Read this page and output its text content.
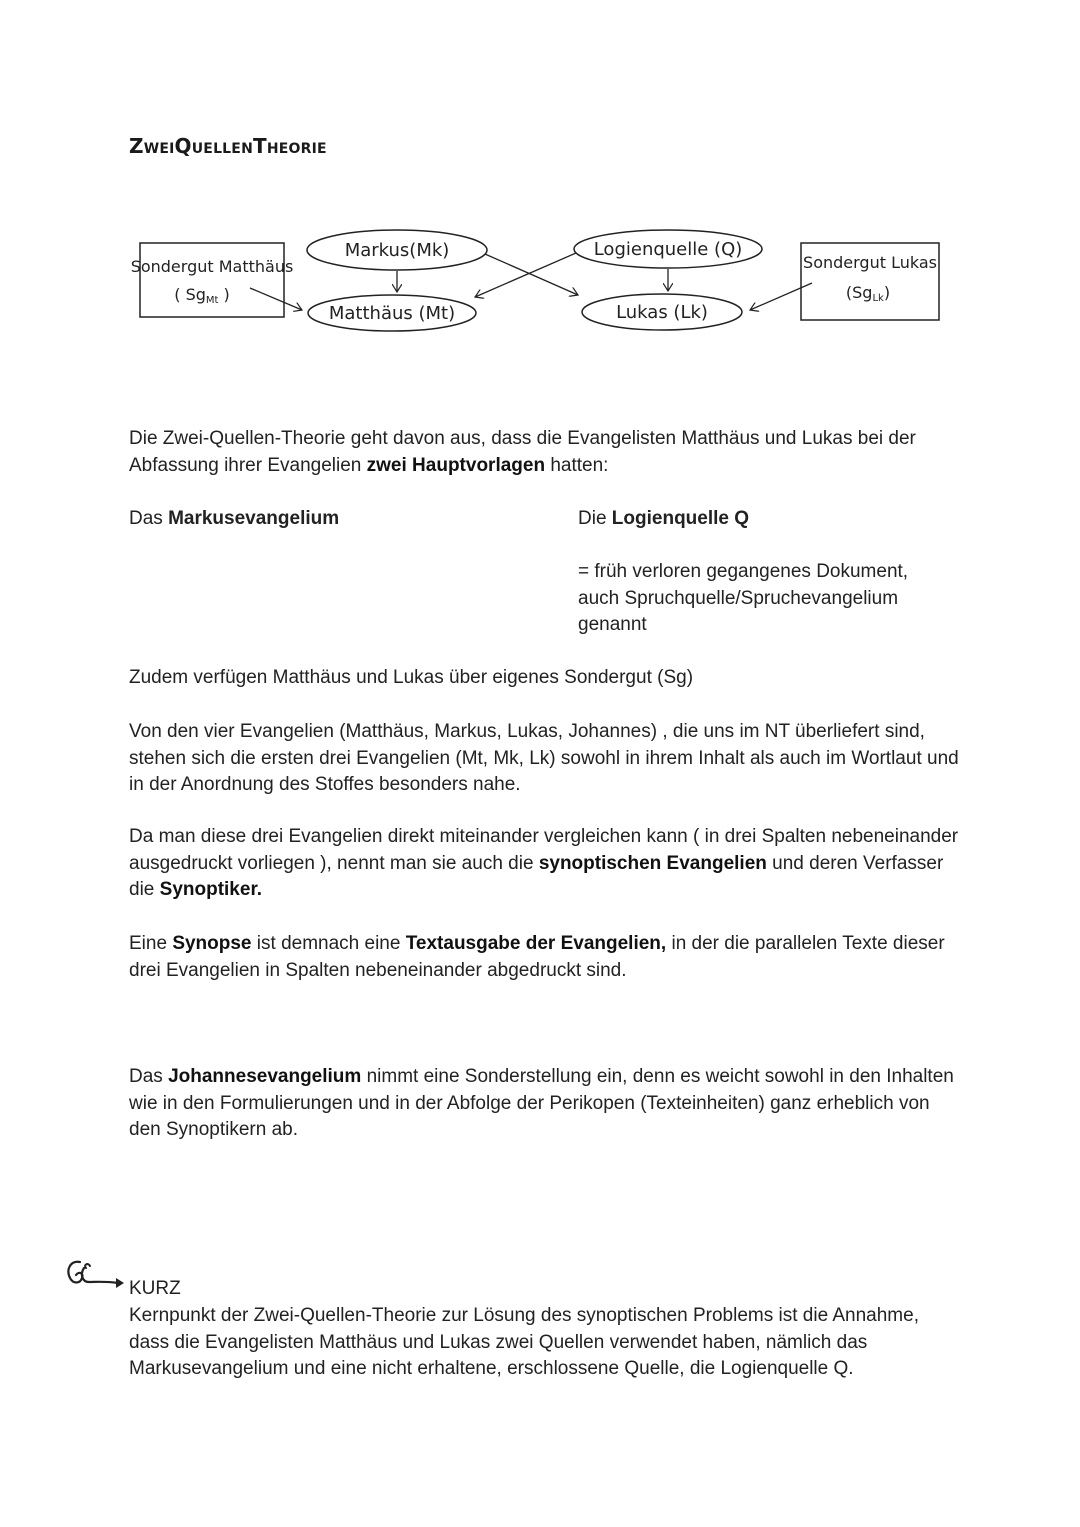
ZWEIQUELLENTHEORIE
Sondergut Matthäus
( SgMt )
Markus(Mk)
Matthäus (Mt)
Logienquelle (Q)
Lukas (Lk)
Sondergut Lukas
(SgLk)

Die Zwei-Quellen-Theorie geht davon aus, dass die Evangelisten Matthäus und Lukas bei der Abfassung ihrer Evangelien zwei Hauptvorlagen hatten:

Das Markusevangelium	Die Logienquelle Q

= früh verloren gegangenes Dokument, auch Spruchquelle/Spruchevangelium genannt

Zudem verfügen Matthäus und Lukas über eigenes Sondergut (Sg)

Von den vier Evangelien (Matthäus, Markus, Lukas, Johannes) , die uns im NT überliefert sind, stehen sich die ersten drei Evangelien (Mt, Mk, Lk) sowohl in ihrem Inhalt als auch im Wortlaut und in der Anordnung des Stoffes besonders nahe.

Da man diese drei Evangelien direkt miteinander vergleichen kann ( in drei Spalten nebeneinander ausgedruckt vorliegen ), nennt man sie auch die synoptischen Evangelien und deren Verfasser die Synoptiker.

Eine Synopse ist demnach eine Textausgabe der Evangelien, in der die parallelen Texte dieser drei Evangelien in Spalten nebeneinander abgedruckt sind.

Das Johannesevangelium nimmt eine Sonderstellung ein, denn es weicht sowohl in den Inhalten wie in den Formulierungen und in der Abfolge der Perikopen (Texteinheiten) ganz erheblich von den Synoptikern ab.

KURZ

Kernpunkt der Zwei-Quellen-Theorie zur Lösung des synoptischen Problems ist die Annahme, dass die Evangelisten Matthäus und Lukas zwei Quellen verwendet haben, nämlich das Markusevangelium und eine nicht erhaltene, erschlossene Quelle, die Logienquelle Q.
